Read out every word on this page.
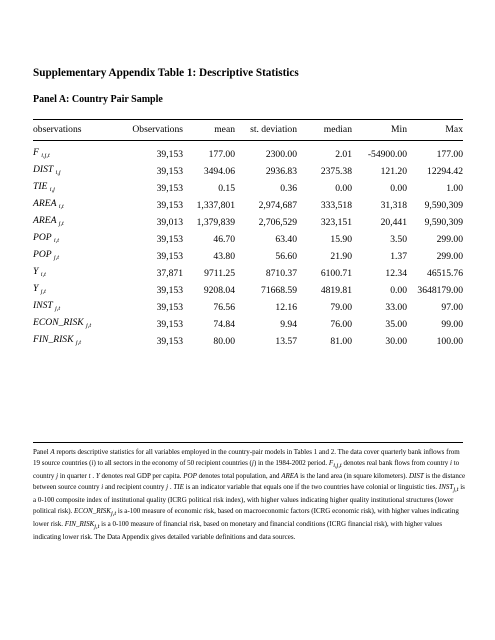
Supplementary Appendix Table 1: Descriptive Statistics
Panel A: Country Pair Sample
observations	Observations	mean	st. deviation	median	Min	Max

F $_{i,j,t}$	39,153	177.00	2300.00	2.01	-54900.00	177.00
DIST $_{i,j}$	39,153	3494.06	2936.83	2375.38	121.20	12294.42
TIE $_{i,j}$	39,153	0.15	0.36	0.00	0.00	1.00
AREA $_{i,t}$	39,153	1,337,801	2,974,687	333,518	31,318	9,590,309
AREA $_{j,t}$	39,013	1,379,839	2,706,529	323,151	20,441	9,590,309
POP $_{i,t}$	39,153	46.70	63.40	15.90	3.50	299.00
POP $_{j,t}$	39,153	43.80	56.60	21.90	1.37	299.00
Y $_{i,t}$	37,871	9711.25	8710.37	6100.71	12.34	46515.76
Y $_{j,t}$	39,153	9208.04	71668.59	4819.81	0.00	3648179.00
INST $_{j,t}$	39,153	76.56	12.16	79.00	33.00	97.00
ECON_RISK $_{j,t}$	39,153	74.84	9.94	76.00	35.00	99.00
FIN_RISK $_{j,t}$	39,153	80.00	13.57	81.00	30.00	100.00

Panel A reports descriptive statistics for all variables employed in the country-pair models in Tables 1 and 2. The data cover quarterly bank inflows from 19 source countries (i) to all sectors in the economy of 50 recipient countries (j) in the 1984-2002 period. Fi,j,t denotes real bank flows from country i to country j in quarter t . Y denotes real GDP per capita. POP denotes total population, and AREA is the land area (in square kilometers). DIST is the distance between source country i and recipient country j . TIE is an indicator variable that equals one if the two countries have colonial or linguistic ties. INSTj,t is a 0-100 composite index of institutional quality (ICRG political risk index), with higher values indicating higher quality institutional structures (lower political risk). ECON_RISKj,t is a-100 measure of economic risk, based on macroeconomic factors (ICRG economic risk), with higher values indicating lower risk. FIN_RISKj,t is a 0-100 measure of financial risk, based on monetary and financial conditions (ICRG financial risk), with higher values indicating lower risk. The Data Appendix gives detailed variable definitions and data sources.
